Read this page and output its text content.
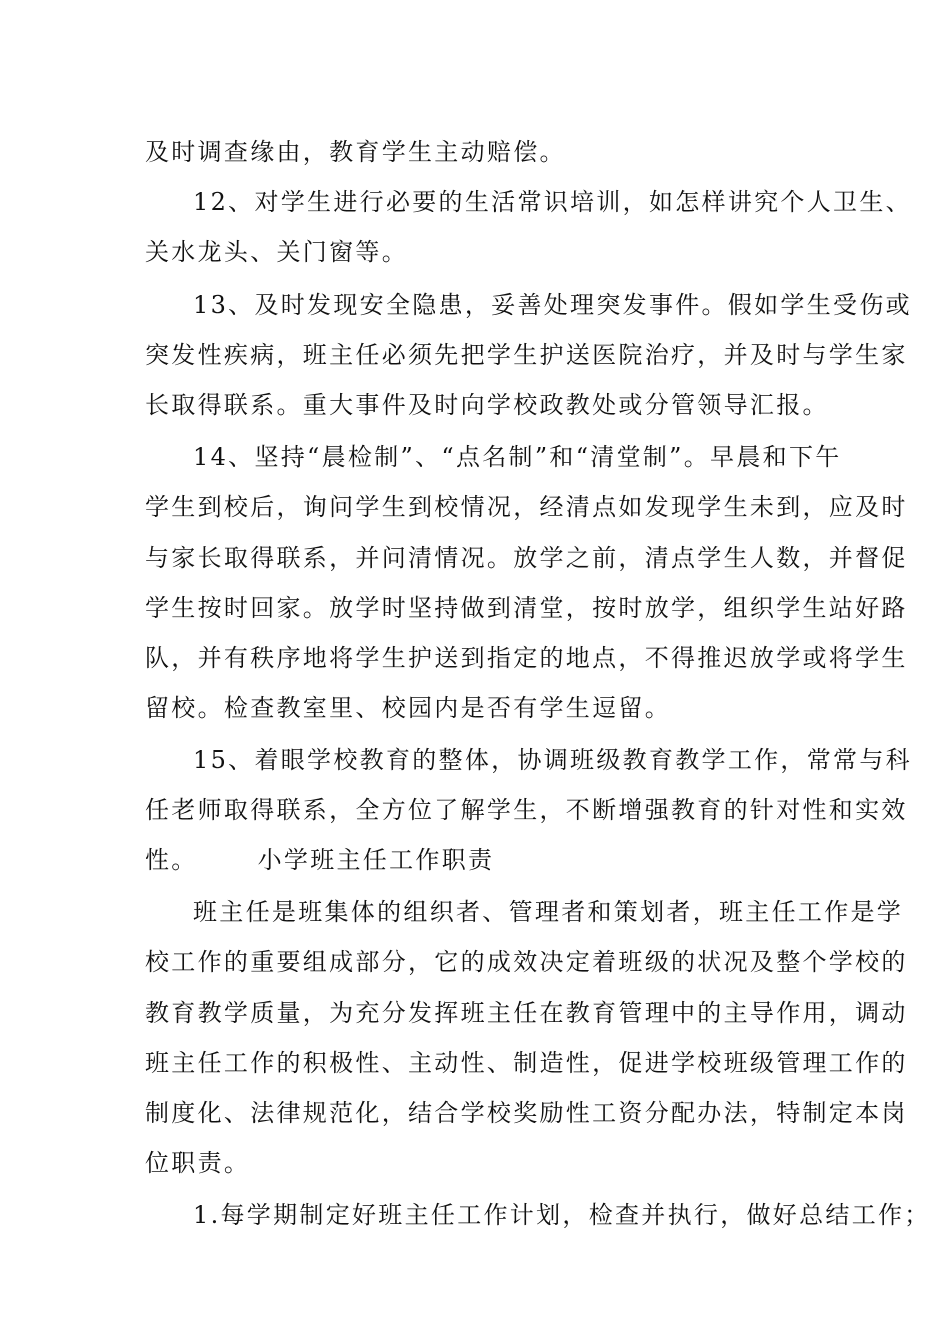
及时调查缘由，教育学生主动赔偿。

12、对学生进行必要的生活常识培训，如怎样讲究个人卫生、

关水龙头、关门窗等。

13、及时发现安全隐患，妥善处理突发事件。假如学生受伤或

突发性疾病，班主任必须先把学生护送医院治疗，并及时与学生家

长取得联系。重大事件及时向学校政教处或分管领导汇报。

14、坚持“晨检制”、“点名制”和“清堂制”。早晨和下午

学生到校后，询问学生到校情况，经清点如发现学生未到，应及时

与家长取得联系，并问清情况。放学之前，清点学生人数，并督促

学生按时回家。放学时坚持做到清堂，按时放学，组织学生站好路

队，并有秩序地将学生护送到指定的地点，不得推迟放学或将学生

留校。检查教室里、校园内是否有学生逗留。

15、着眼学校教育的整体，协调班级教育教学工作，常常与科

任老师取得联系，全方位了解学生，不断增强教育的针对性和实效

性。	小学班主任工作职责

班主任是班集体的组织者、管理者和策划者，班主任工作是学

校工作的重要组成部分，它的成效决定着班级的状况及整个学校的

教育教学质量，为充分发挥班主任在教育管理中的主导作用，调动

班主任工作的积极性、主动性、制造性，促进学校班级管理工作的

制度化、法律规范化，结合学校奖励性工资分配办法，特制定本岗

位职责。

1.每学期制定好班主任工作计划，检查并执行，做好总结工作；
